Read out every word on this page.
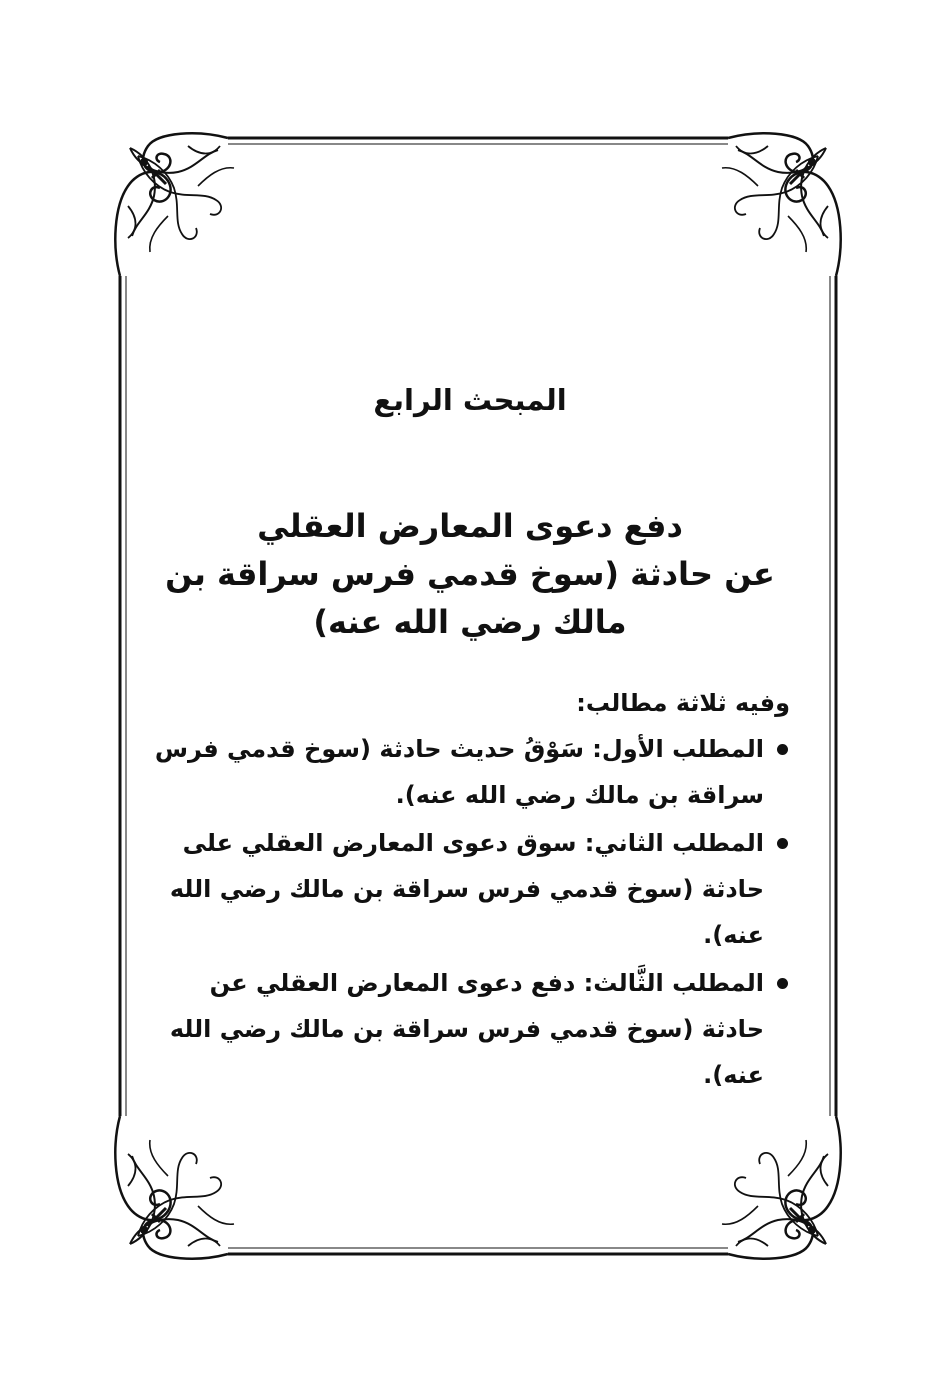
المبحث الرابع

دفع دعوى المعارض العقلي

عن حادثة (سوخ قدمي فرس سراقة بن مالك رضي الله عنه)

وفيه ثلاثة مطالب:

المطلب الأول: سَوْقُ حديث حادثة (سوخ قدمي فرس سراقة بن مالك رضي الله عنه).
المطلب الثاني: سوق دعوى المعارض العقلي على حادثة (سوخ قدمي فرس سراقة بن مالك رضي الله عنه).
المطلب الثَّالث: دفع دعوى المعارض العقلي عن حادثة (سوخ قدمي فرس سراقة بن مالك رضي الله عنه).
